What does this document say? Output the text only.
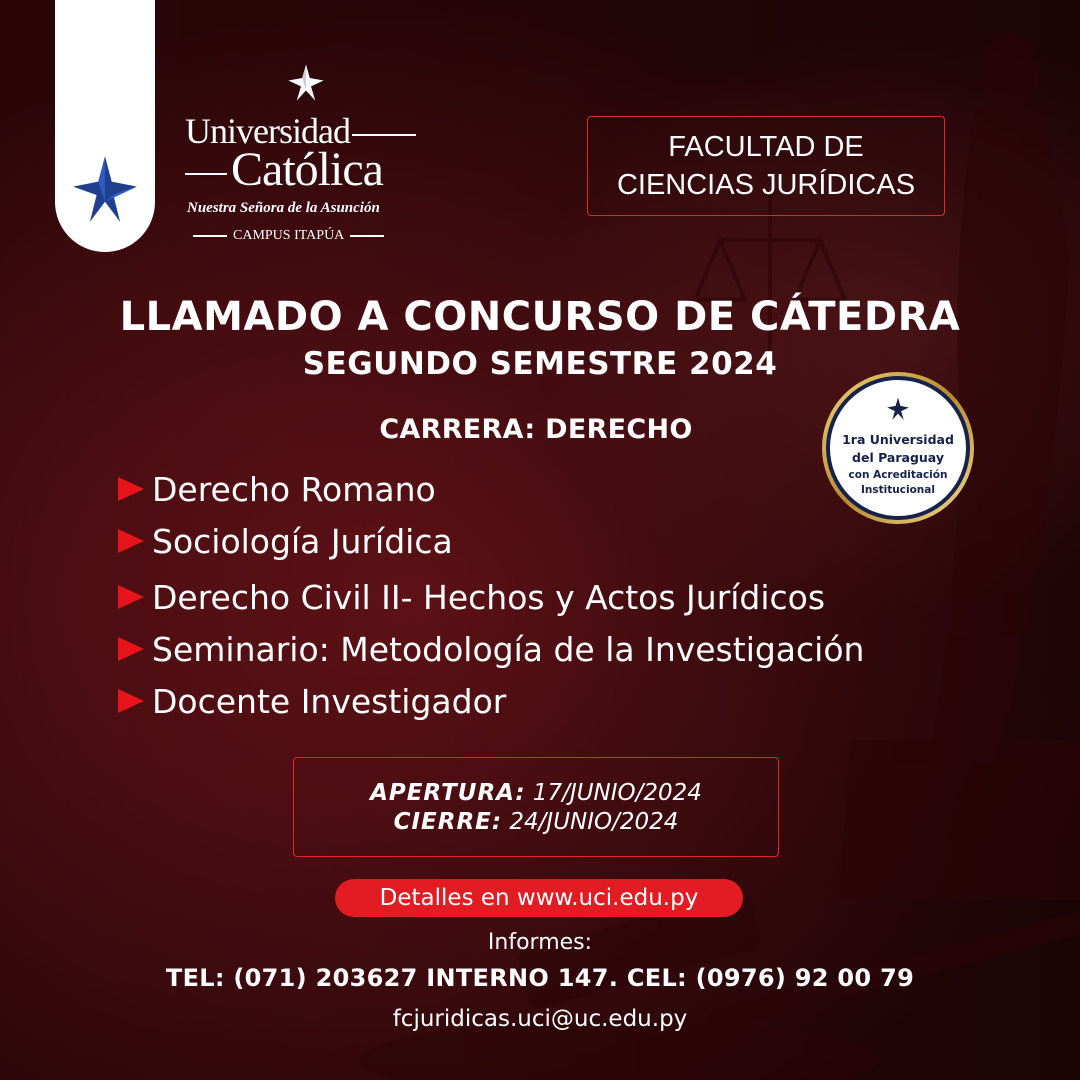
Universidad
Católica
Nuestra Señora de la Asunción
CAMPUS ITAPÚA
FACULTAD DE
CIENCIAS JURÍDICAS
LLAMADO A CONCURSO DE CÁTEDRA
SEGUNDO SEMESTRE 2024
CARRERA: DERECHO
Derecho Romano
Sociología Jurídica
Derecho Civil II- Hechos y Actos Jurídicos
Seminario: Metodología de la Investigación
Docente Investigador
1ra Universidad
del Paraguay
con Acreditación
Institucional
APERTURA: 17/JUNIO/2024
CIERRE: 24/JUNIO/2024
Detalles en www.uci.edu.py
Informes:
TEL: (071) 203627 INTERNO 147. CEL: (0976) 92 00 79
fcjuridicas.uci@uc.edu.py
